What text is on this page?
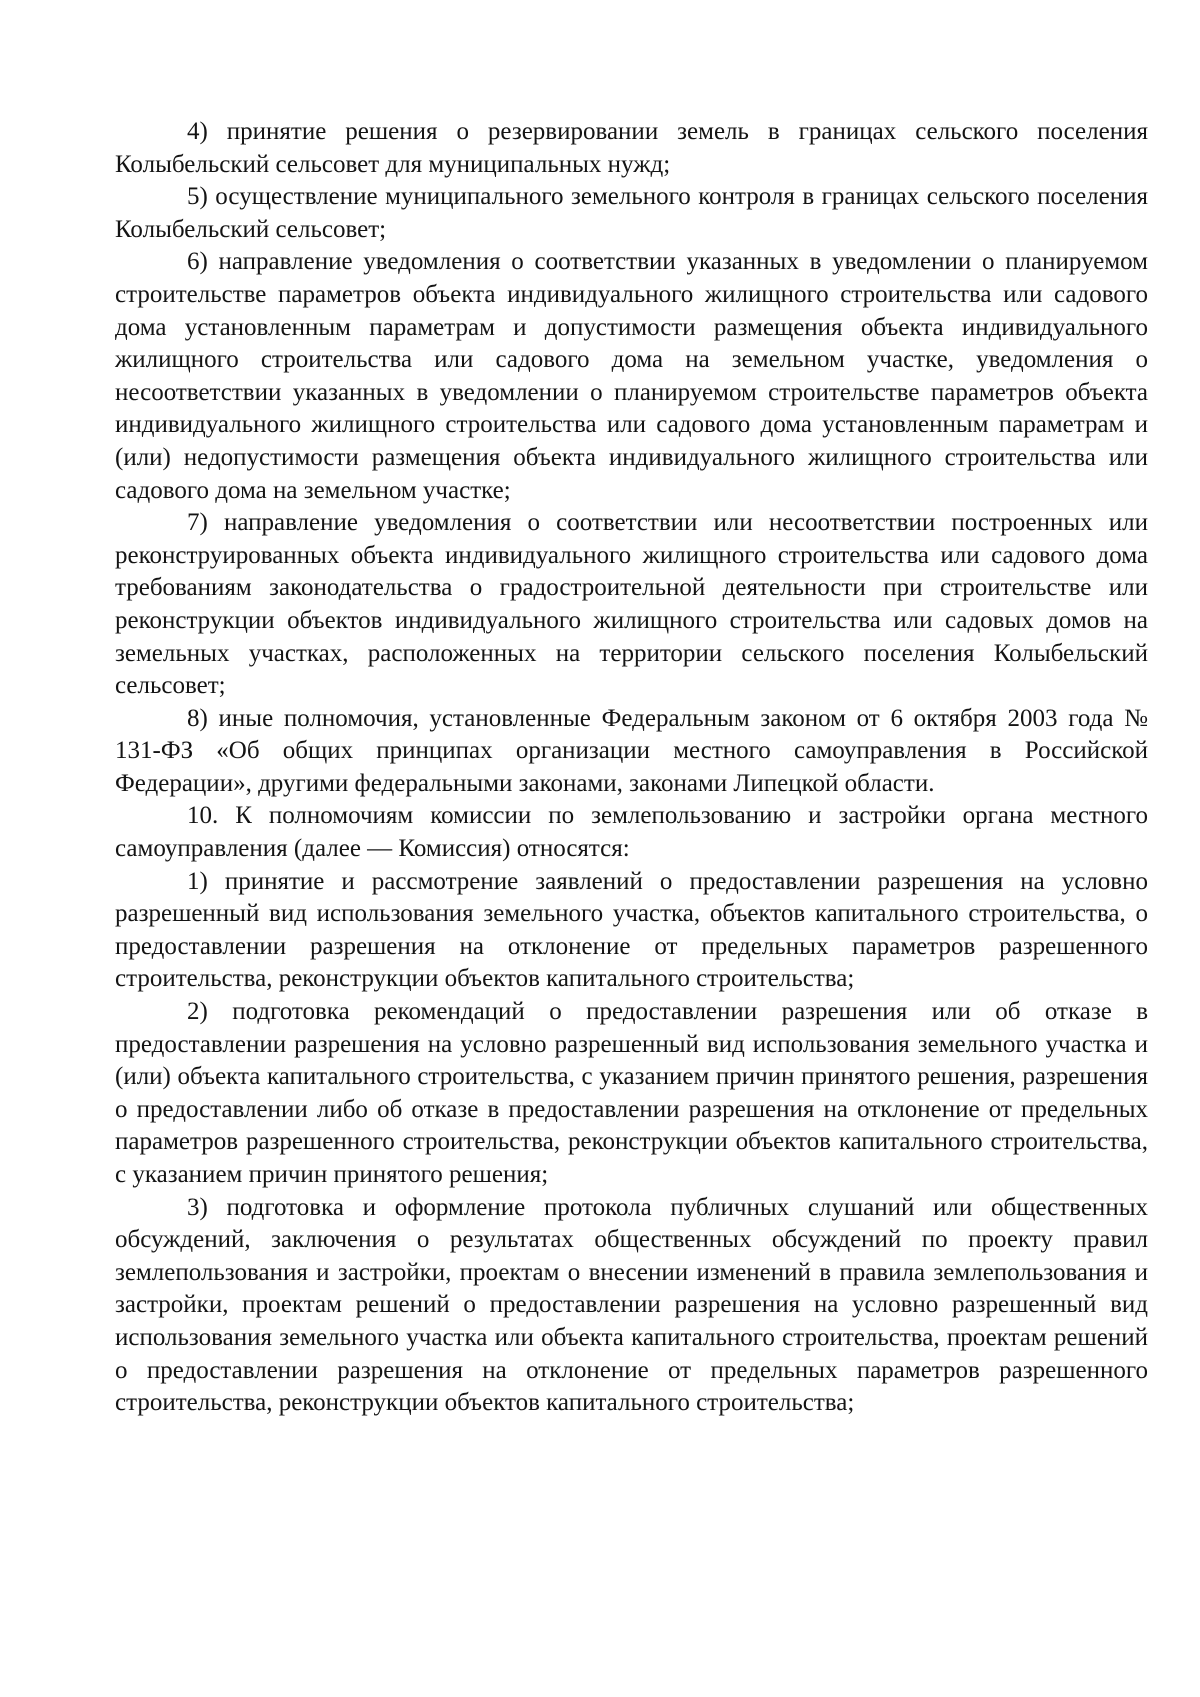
4) принятие решения о резервировании земель в границах сельского поселения Колыбельский сельсовет для муниципальных нужд;

5) осуществление муниципального земельного контроля в границах сельского поселения Колыбельский сельсовет;

6) направление уведомления о соответствии указанных в уведомлении о планируемом строительстве параметров объекта индивидуального жилищного строительства или садового дома установленным параметрам и допустимости размещения объекта индивидуального жилищного строительства или садового дома на земельном участке, уведомления о несоответствии указанных в уведомлении о планируемом строительстве параметров объекта индивидуального жилищного строительства или садового дома установленным параметрам и (или) недопустимости размещения объекта индивидуального жилищного строительства или садового дома на земельном участке;

7) направление уведомления о соответствии или несоответствии построенных или реконструированных объекта индивидуального жилищного строительства или садового дома требованиям законодательства о градостроительной деятельности при строительстве или реконструкции объектов индивидуального жилищного строительства или садовых домов на земельных участках, расположенных на территории сельского поселения Колыбельский сельсовет;

8) иные полномочия, установленные Федеральным законом от 6 октября 2003 года № 131-ФЗ «Об общих принципах организации местного самоуправления в Российской Федерации», другими федеральными законами, законами Липецкой области.

10. К полномочиям комиссии по землепользованию и застройки органа местного самоуправления (далее — Комиссия) относятся:

1) принятие и рассмотрение заявлений о предоставлении разрешения на условно разрешенный вид использования земельного участка, объектов капитального строительства, о предоставлении разрешения на отклонение от предельных параметров разрешенного строительства, реконструкции объектов капитального строительства;

2) подготовка рекомендаций о предоставлении разрешения или об отказе в предоставлении разрешения на условно разрешенный вид использования земельного участка и (или) объекта капитального строительства, с указанием причин принятого решения, разрешения о предоставлении либо об отказе в предоставлении разрешения на отклонение от предельных параметров разрешенного строительства, реконструкции объектов капитального строительства, с указанием причин принятого решения;

3) подготовка и оформление протокола публичных слушаний или общественных обсуждений, заключения о результатах общественных обсуждений по проекту правил землепользования и застройки, проектам о внесении изменений в правила землепользования и застройки, проектам решений о предоставлении разрешения на условно разрешенный вид использования земельного участка или объекта капитального строительства, проектам решений о предоставлении разрешения на отклонение от предельных параметров разрешенного строительства, реконструкции объектов капитального строительства;
